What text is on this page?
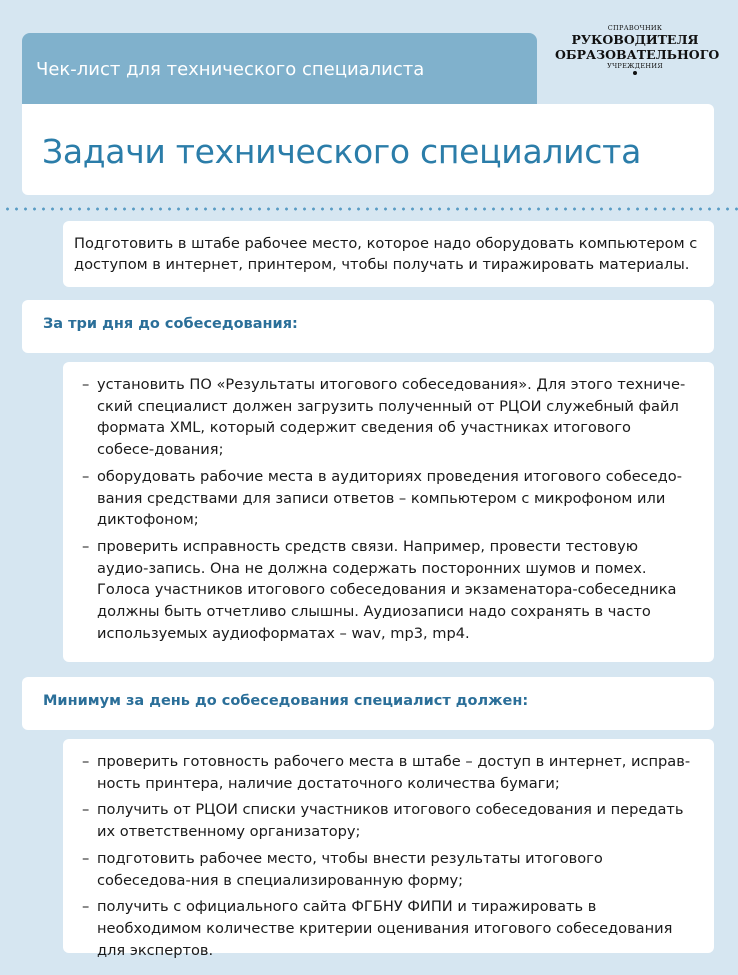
Чек-лист для технического специалиста
СПРАВОЧНИК
РУКОВОДИТЕЛЯ
ОБРАЗОВАТЕЛЬНОГО
УЧРЕЖДЕНИЯ
Задачи технического специалиста
Подготовить в штабе рабочее место, которое надо оборудовать компьютером с доступом в интернет, принтером, чтобы получать и тиражировать материалы.
За три дня до собеседования:
– установить ПО «Результаты итогового собеседования». Для этого техниче-ский специалист должен загрузить полученный от РЦОИ служебный файл формата XML, который содержит сведения об участниках итогового собесе-дования;
– оборудовать рабочие места в аудиториях проведения итогового собеседо-вания средствами для записи ответов – компьютером с микрофоном или диктофоном;
– проверить исправность средств связи. Например, провести тестовую аудио-запись. Она не должна содержать посторонних шумов и помех. Голоса участников итогового собеседования и экзаменатора-собеседника должны быть отчетливо слышны. Аудиозаписи надо сохранять в часто используемых аудиоформатах – wav, mp3, mp4.
Минимум за день до собеседования специалист должен:
– проверить готовность рабочего места в штабе – доступ в интернет, исправ-ность принтера, наличие достаточного количества бумаги;
– получить от РЦОИ списки участников итогового собеседования и передать их ответственному организатору;
– подготовить рабочее место, чтобы внести результаты итогового собеседова-ния в специализированную форму;
– получить с официального сайта ФГБНУ ФИПИ и тиражировать в необходимом количестве критерии оценивания итогового собеседования для экспертов.
